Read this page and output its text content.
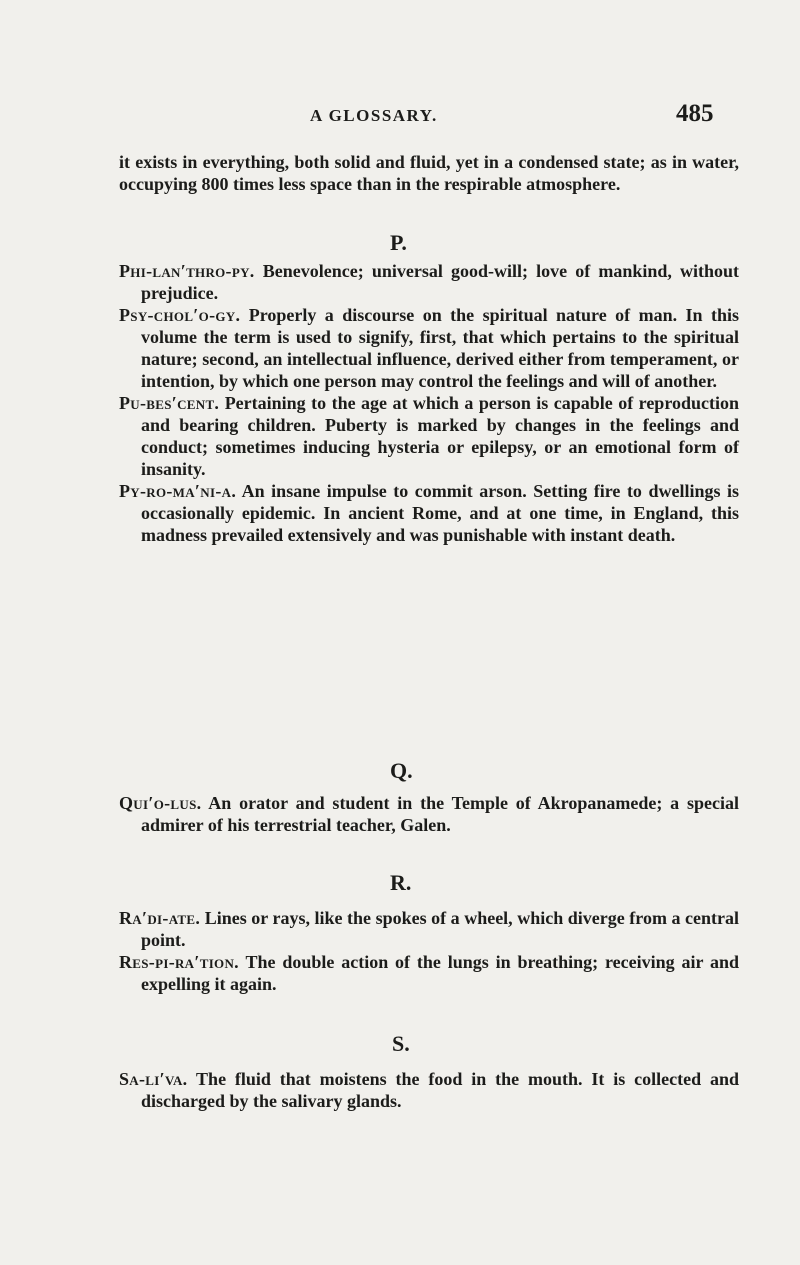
A GLOSSARY.	485

it exists in everything, both solid and fluid, yet in a condensed state; as in water, occupying 800 times less space than in the respirable atmosphere.

P.

Phi-lan′thro-py. Benevolence; universal good-will; love of mankind, without prejudice.

Psy-chol′o-gy. Properly a discourse on the spiritual nature of man. In this volume the term is used to signify, first, that which pertains to the spiritual nature; second, an intellectual influence, derived either from temperament, or intention, by which one person may control the feelings and will of another.

Pu-bes′cent. Pertaining to the age at which a person is capable of reproduction and bearing children. Puberty is marked by changes in the feelings and conduct; sometimes inducing hysteria or epilepsy, or an emotional form of insanity.

Py-ro-ma′ni-a. An insane impulse to commit arson. Setting fire to dwellings is occasionally epidemic. In ancient Rome, and at one time, in England, this madness prevailed extensively and was punishable with instant death.

Q.

Qui′o-lus. An orator and student in the Temple of Akropanamede; a special admirer of his terrestrial teacher, Galen.

R.

Ra′di-ate. Lines or rays, like the spokes of a wheel, which diverge from a central point.

Res-pi-ra′tion. The double action of the lungs in breathing; receiving air and expelling it again.

S.

Sa-li′va. The fluid that moistens the food in the mouth. It is collected and discharged by the salivary glands.
